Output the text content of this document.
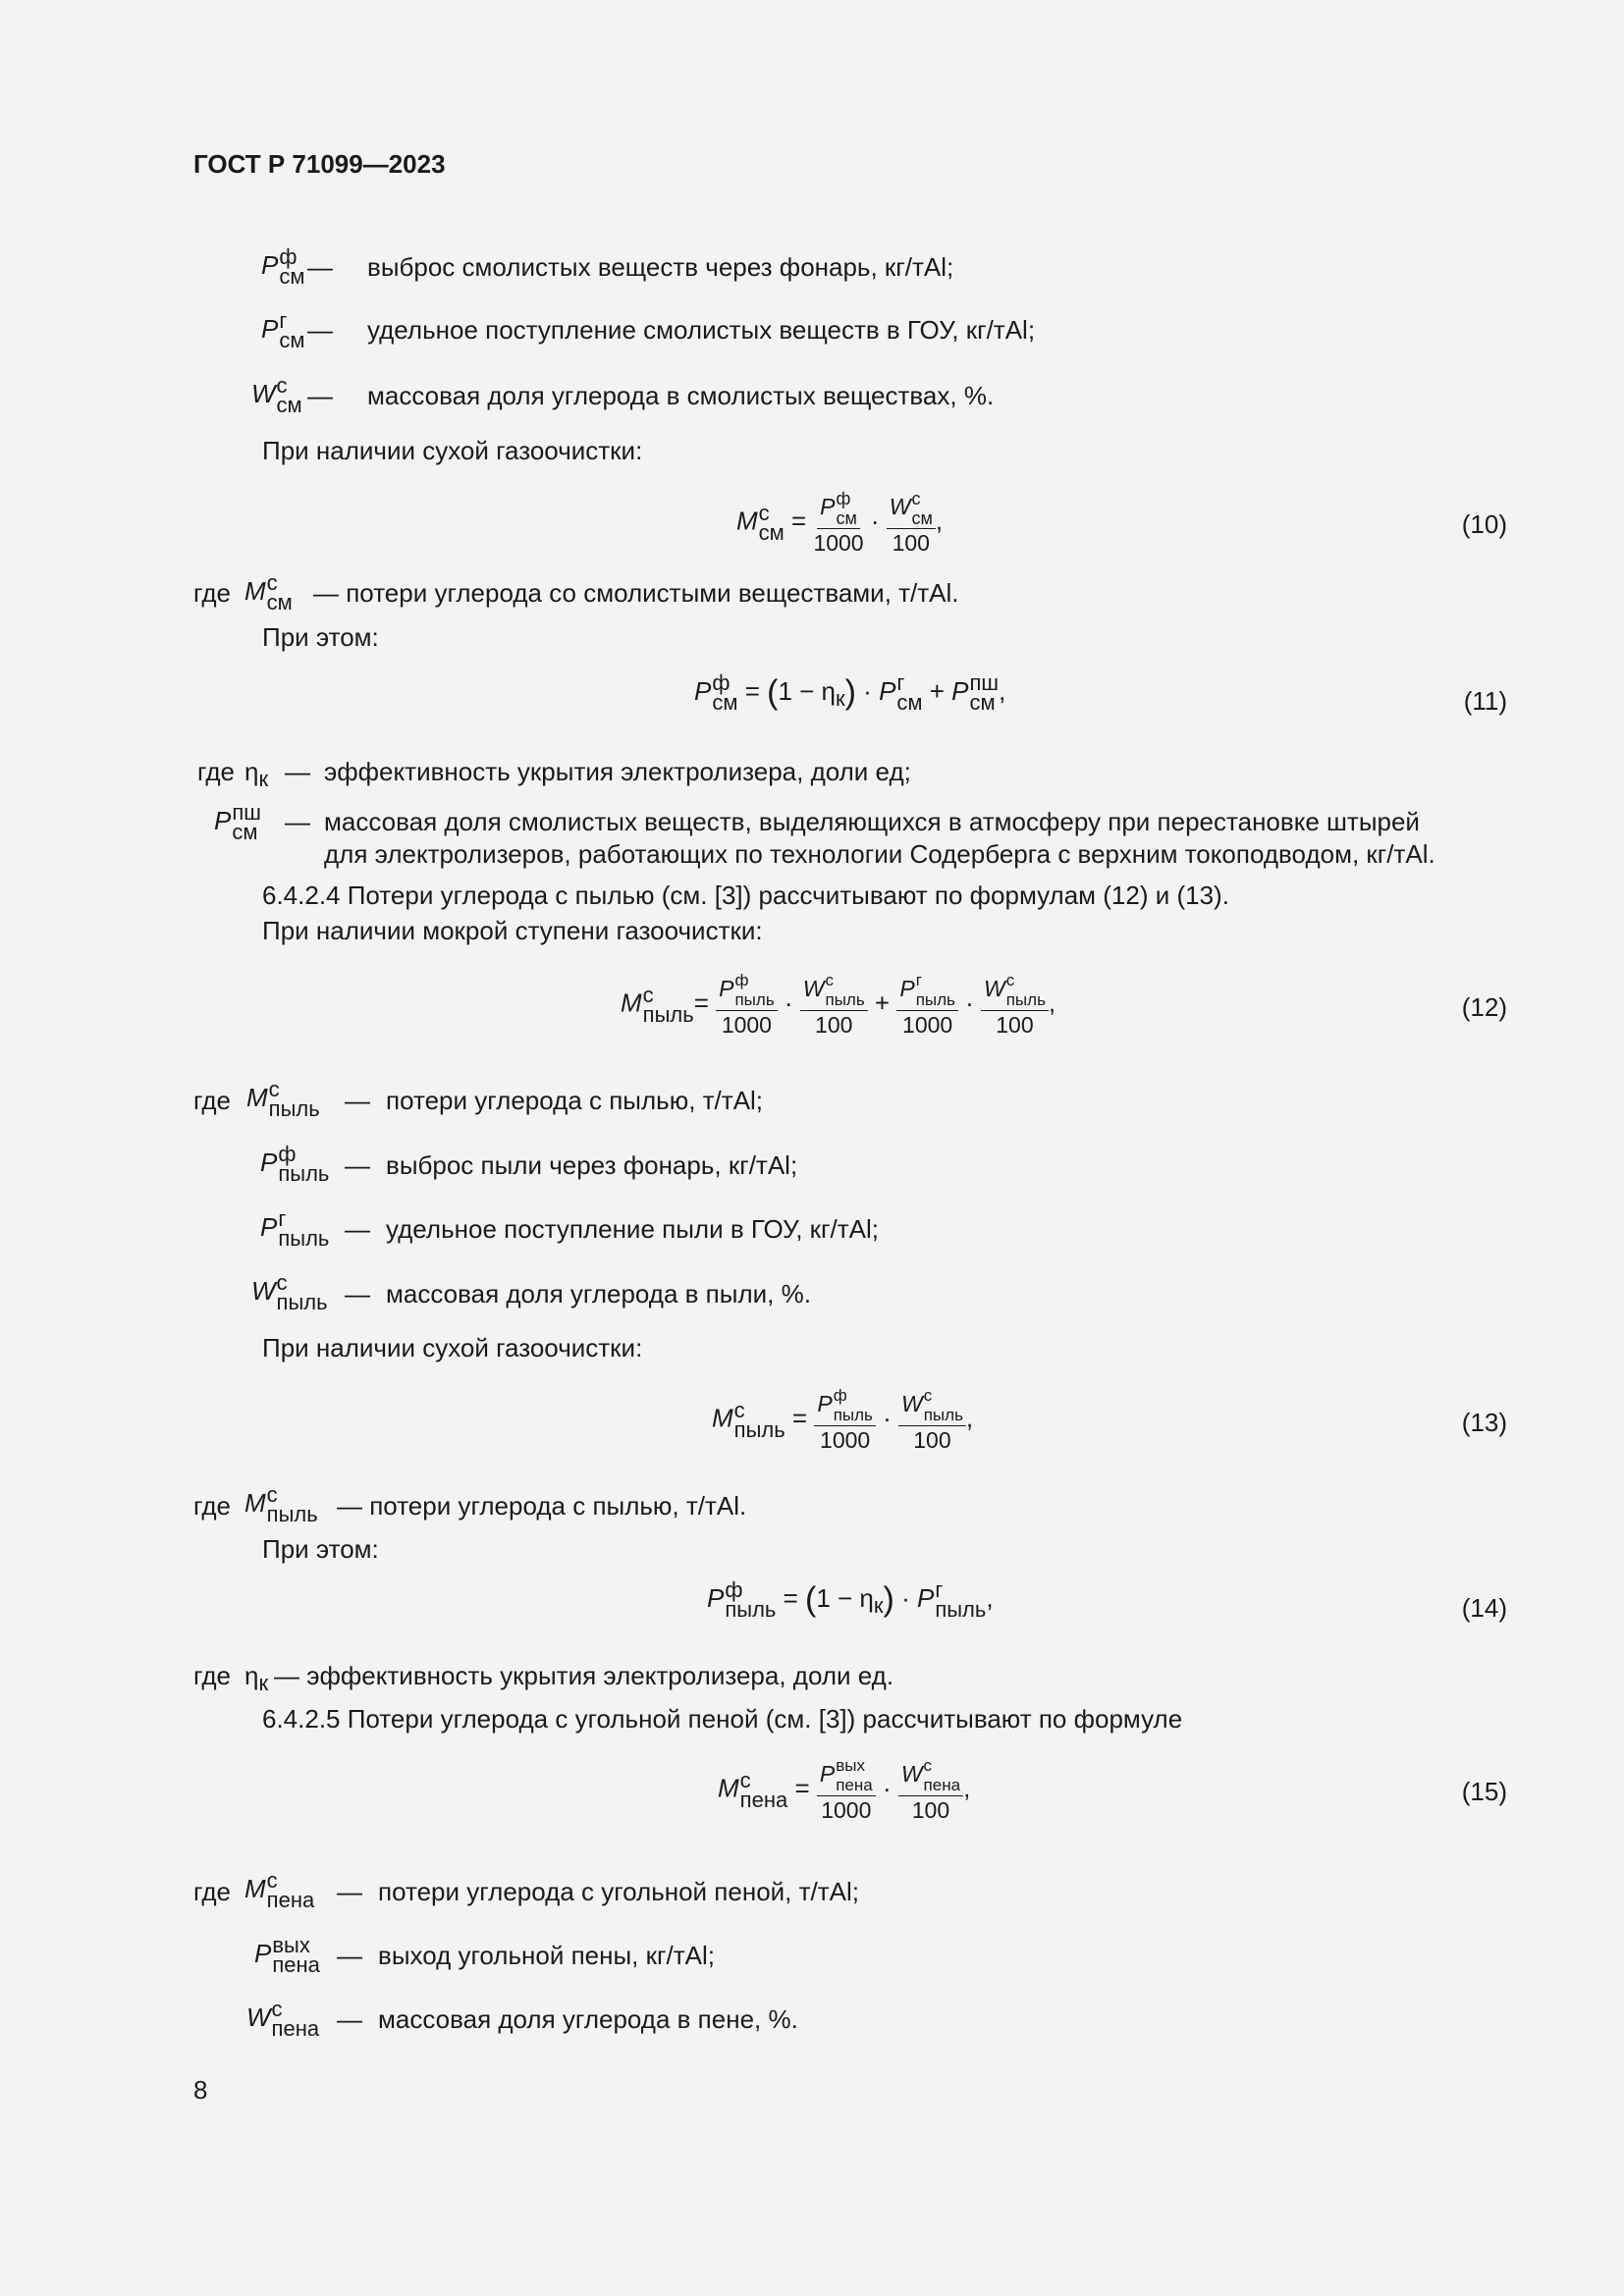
ГОСТ Р 71099—2023
P ф
см — выброс смолистых веществ через фонарь, кг/тAl;
P г
см — удельное поступление смолистых веществ в ГОУ, кг/тAl;
W с
см — массовая доля углерода в смолистых веществах, %.
При наличии сухой газоочистки:
M с
см = P ф
см
1000 · W с
см
100 ,	(10)
где M с
см — потери углерода со смолистыми веществами, т/тAl.
При этом:
P ф
см = $(1 - \eta_к) \cdot P$ г
см + P пш
см ,	(11)
где $\eta_к$ — эффективность укрытия электролизера, доли ед;
P пш
см — массовая доля смолистых веществ, выделяющихся в атмосферу при перестановке штырей
для электролизеров, работающих по технологии Содерберга с верхним токоподводом, кг/тAl.
6.4.2.4 Потери углерода с пылью (см. [3]) рассчитывают по формулам (12) и (13).
При наличии мокрой ступени газоочистки:
M с
пыль = P ф
пыль
1000 · W с
пыль
100 + P г
пыль
1000 · W с
пыль
100 ,	(12)
где M с
пыль — потери углерода с пылью, т/тAl;
P ф
пыль — выброс пыли через фонарь, кг/тAl;
P г
пыль — удельное поступление пыли в ГОУ, кг/тAl;
W с
пыль — массовая доля углерода в пыли, %.
При наличии сухой газоочистки:
M с
пыль = P ф
пыль
1000 · W с
пыль
100 ,	(13)
где M с
пыль — потери углерода с пылью, т/тAl.
При этом:
P ф
пыль = $(1 - \eta_к) \cdot P$ г
пыль ,	(14)
где $\eta_к$ — эффективность укрытия электролизера, доли ед.
6.4.2.5 Потери углерода с угольной пеной (см. [3]) рассчитывают по формуле
M с
пена = P вых
пена
1000 · W с
пена
100 ,	(15)
где M с
пена — потери углерода с угольной пеной, т/тAl;
P вых
пена — выход угольной пены, кг/тAl;
W с
пена — массовая доля углерода в пене, %.
8
